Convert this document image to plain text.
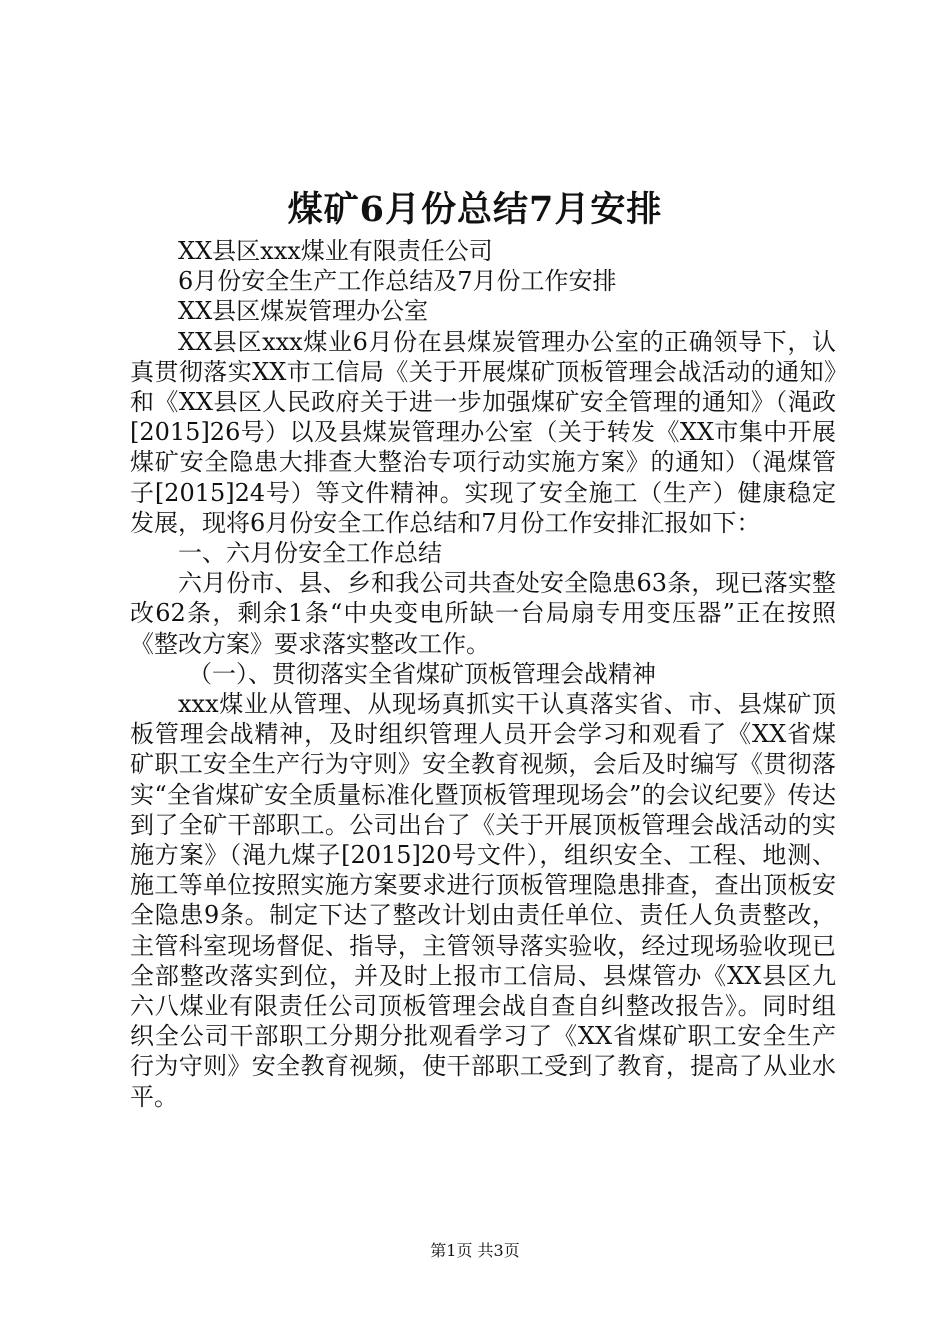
煤矿6月份总结7月安排

XX县区xxx煤业有限责任公司

6月份安全生产工作总结及7月份工作安排

XX县区煤炭管理办公室

XX县区xxx煤业6月份在县煤炭管理办公室的正确领导下，认真贯彻落实XX市工信局《关于开展煤矿顶板管理会战活动的通知》和《XX县区人民政府关于进一步加强煤矿安全管理的通知》（渑政[2015]26号）以及县煤炭管理办公室（关于转发《XX市集中开展煤矿安全隐患大排查大整治专项行动实施方案》的通知）（渑煤管子[2015]24号）等文件精神。实现了安全施工（生产）健康稳定发展，现将6月份安全工作总结和7月份工作安排汇报如下：

一、六月份安全工作总结

六月份市、县、乡和我公司共查处安全隐患63条，现已落实整改62条，剩余1条“中央变电所缺一台局扇专用变压器”正在按照《整改方案》要求落实整改工作。

（一）、贯彻落实全省煤矿顶板管理会战精神

xxx煤业从管理、从现场真抓实干认真落实省、市、县煤矿顶板管理会战精神，及时组织管理人员开会学习和观看了《XX省煤矿职工安全生产行为守则》安全教育视频，会后及时编写《贯彻落实“全省煤矿安全质量标准化暨顶板管理现场会”的会议纪要》传达到了全矿干部职工。公司出台了《关于开展顶板管理会战活动的实施方案》（渑九煤子[2015]20号文件），组织安全、工程、地测、施工等单位按照实施方案要求进行顶板管理隐患排查，查出顶板安全隐患9条。制定下达了整改计划由责任单位、责任人负责整改，主管科室现场督促、指导，主管领导落实验收，经过现场验收现已全部整改落实到位，并及时上报市工信局、县煤管办《XX县区九六八煤业有限责任公司顶板管理会战自查自纠整改报告》。同时组织全公司干部职工分期分批观看学习了《XX省煤矿职工安全生产行为守则》安全教育视频，使干部职工受到了教育，提高了从业水平。

第1页 共3页
